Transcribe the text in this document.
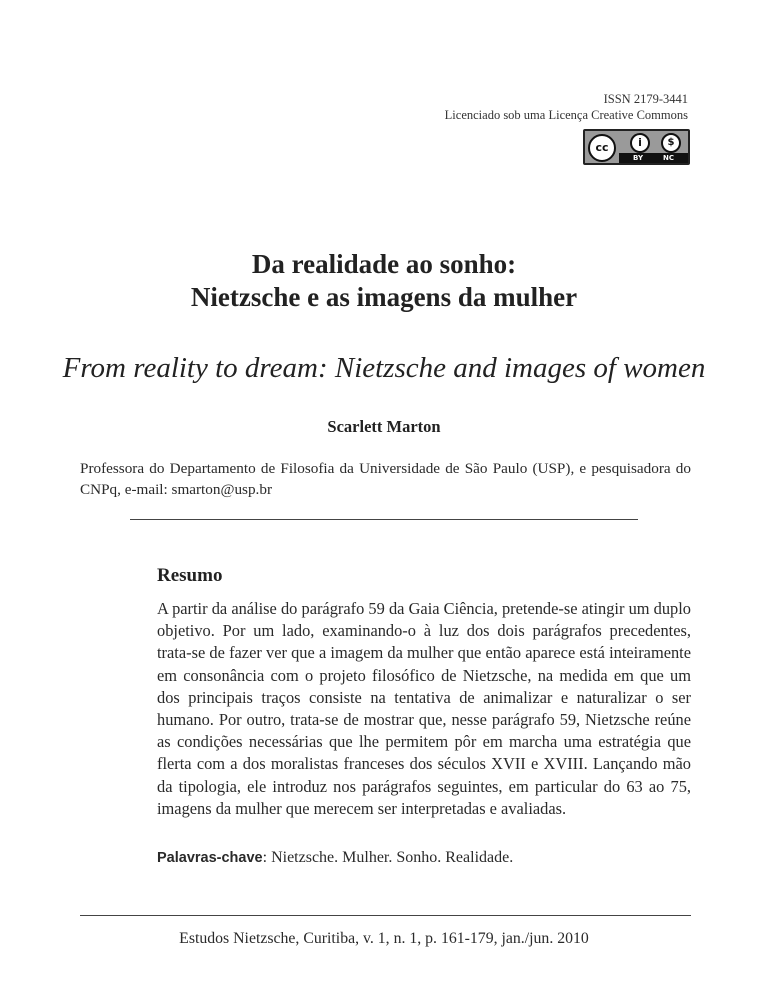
ISSN 2179-3441
Licenciado sob uma Licença Creative Commons
cc	i	$
BY	NC
Da realidade ao sonho:
Nietzsche e as imagens da mulher
From reality to dream: Nietzsche and images of women
Scarlett Marton
Professora do Departamento de Filosofia da Universidade de São Paulo (USP), e pesquisadora do CNPq, e-mail: smarton@usp.br
Resumo
A partir da análise do parágrafo 59 da Gaia Ciência, pretende-se atingir um duplo objetivo. Por um lado, examinando-o à luz dos dois parágrafos precedentes, trata-se de fazer ver que a imagem da mulher que então aparece está inteiramente em consonância com o projeto filosófico de Nietzsche, na medida em que um dos principais traços consiste na tentativa de animalizar e naturalizar o ser humano. Por outro, trata-se de mostrar que, nesse parágrafo 59, Nietzsche reúne as condições necessárias que lhe permitem pôr em marcha uma estratégia que flerta com a dos moralistas franceses dos séculos XVII e XVIII. Lançando mão da tipologia, ele introduz nos parágrafos seguintes, em particular do 63 ao 75, imagens da mulher que merecem ser interpretadas e avaliadas.
Palavras-chave: Nietzsche. Mulher. Sonho. Realidade.
Estudos Nietzsche, Curitiba, v. 1, n. 1, p. 161-179, jan./jun. 2010
